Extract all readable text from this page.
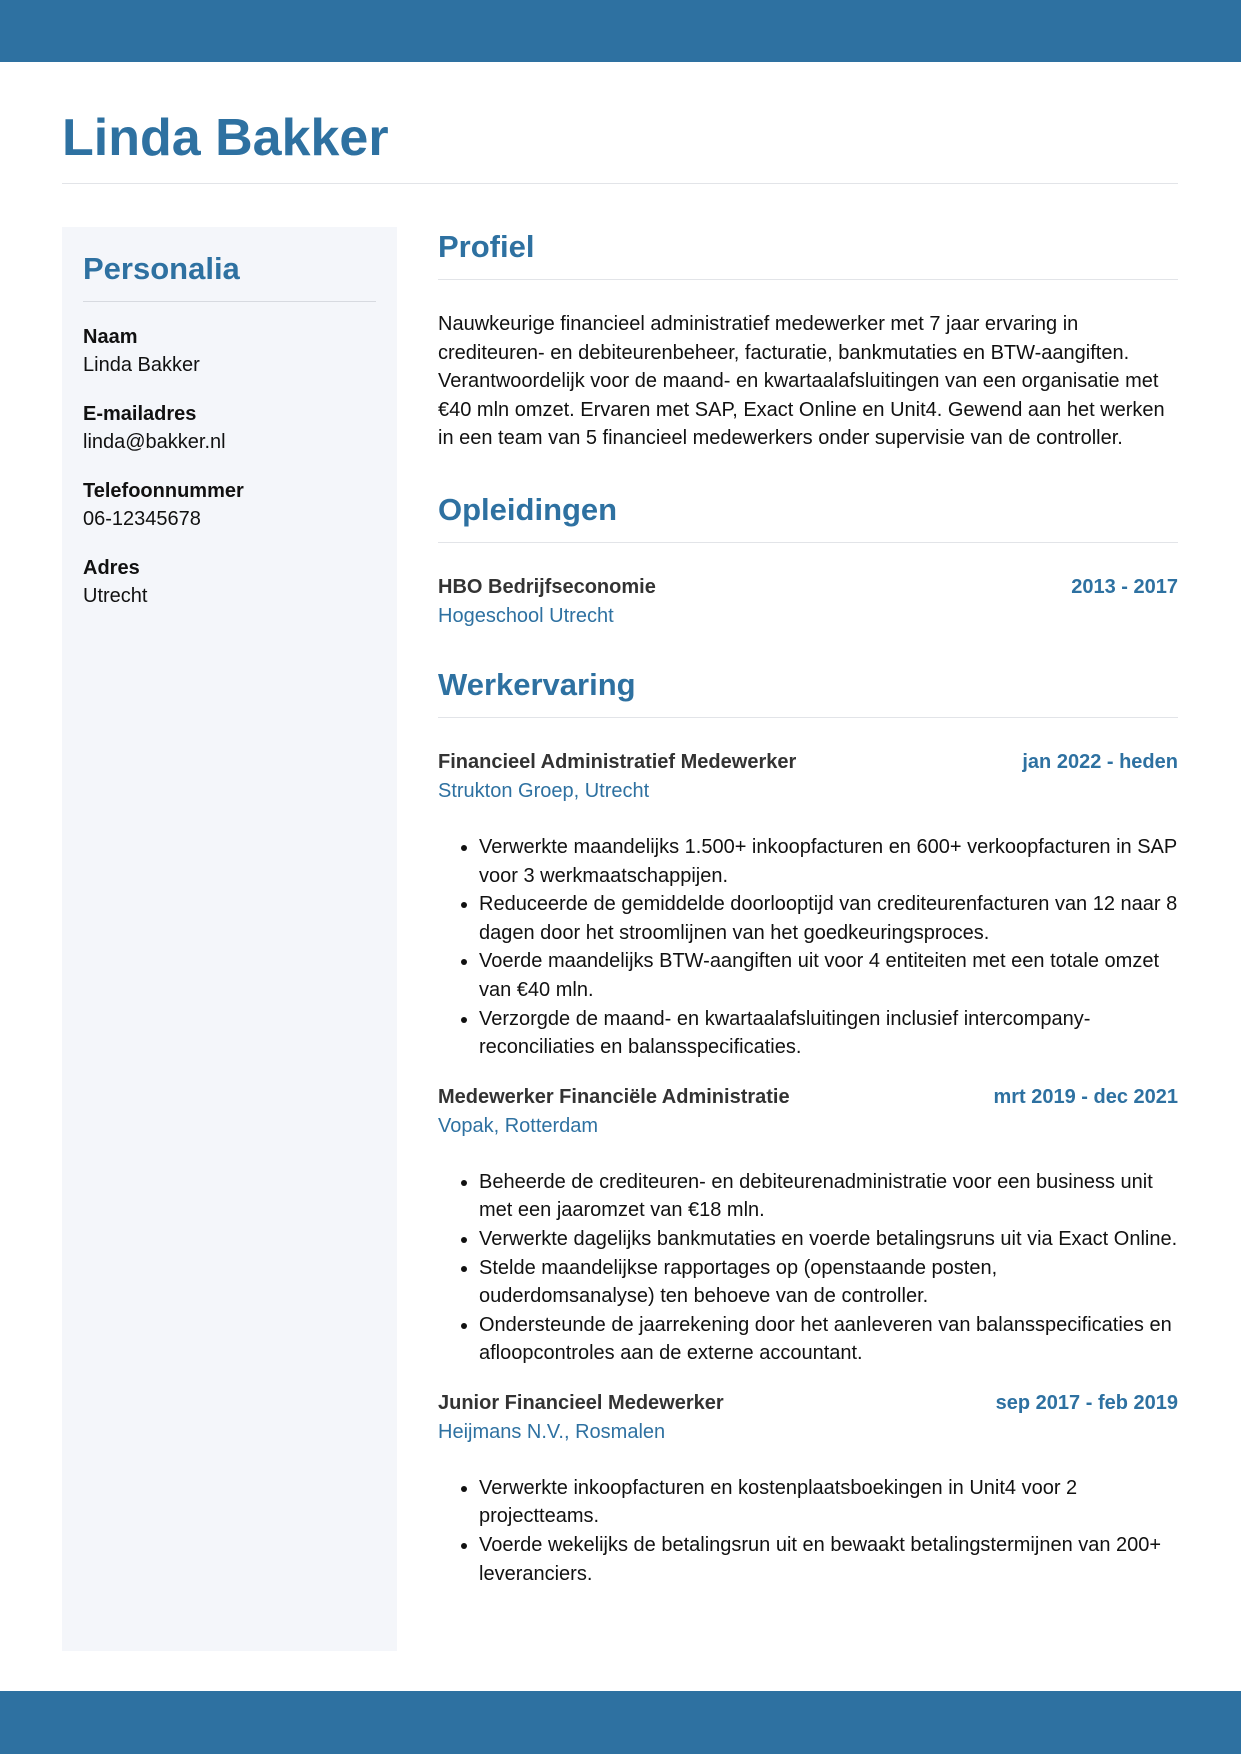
Linda Bakker
Personalia
Naam
Linda Bakker
E-mailadres
linda@bakker.nl
Telefoonnummer
06-12345678
Adres
Utrecht
Profiel

Nauwkeurige financieel administratief medewerker met 7 jaar ervaring in crediteuren- en debiteurenbeheer, facturatie, bankmutaties en BTW-aangiften. Verantwoordelijk voor de maand- en kwartaalafsluitingen van een organisatie met €40 mln omzet. Ervaren met SAP, Exact Online en Unit4. Gewend aan het werken in een team van 5 financieel medewerkers onder supervisie van de controller.

Opleidingen
HBO Bedrijfseconomie	2013 - 2017
Hogeschool Utrecht
Werkervaring
Financieel Administratief Medewerker	jan 2022 - heden
Strukton Groep, Utrecht
• Verwerkte maandelijks 1.500+ inkoopfacturen en 600+ verkoopfacturen in SAP voor 3 werkmaatschappijen.
• Reduceerde de gemiddelde doorlooptijd van crediteurenfacturen van 12 naar 8 dagen door het stroomlijnen van het goedkeuringsproces.
• Voerde maandelijks BTW-aangiften uit voor 4 entiteiten met een totale omzet van €40 mln.
• Verzorgde de maand- en kwartaalafsluitingen inclusief intercompany-reconciliaties en balansspecificaties.
Medewerker Financiële Administratie	mrt 2019 - dec 2021
Vopak, Rotterdam
• Beheerde de crediteuren- en debiteurenadministratie voor een business unit met een jaaromzet van €18 mln.
• Verwerkte dagelijks bankmutaties en voerde betalingsruns uit via Exact Online.
• Stelde maandelijkse rapportages op (openstaande posten, ouderdomsanalyse) ten behoeve van de controller.
• Ondersteunde de jaarrekening door het aanleveren van balansspecificaties en afloopcontroles aan de externe accountant.
Junior Financieel Medewerker	sep 2017 - feb 2019
Heijmans N.V., Rosmalen
• Verwerkte inkoopfacturen en kostenplaatsboekingen in Unit4 voor 2 projectteams.
• Voerde wekelijks de betalingsrun uit en bewaakt betalingstermijnen van 200+ leveranciers.
